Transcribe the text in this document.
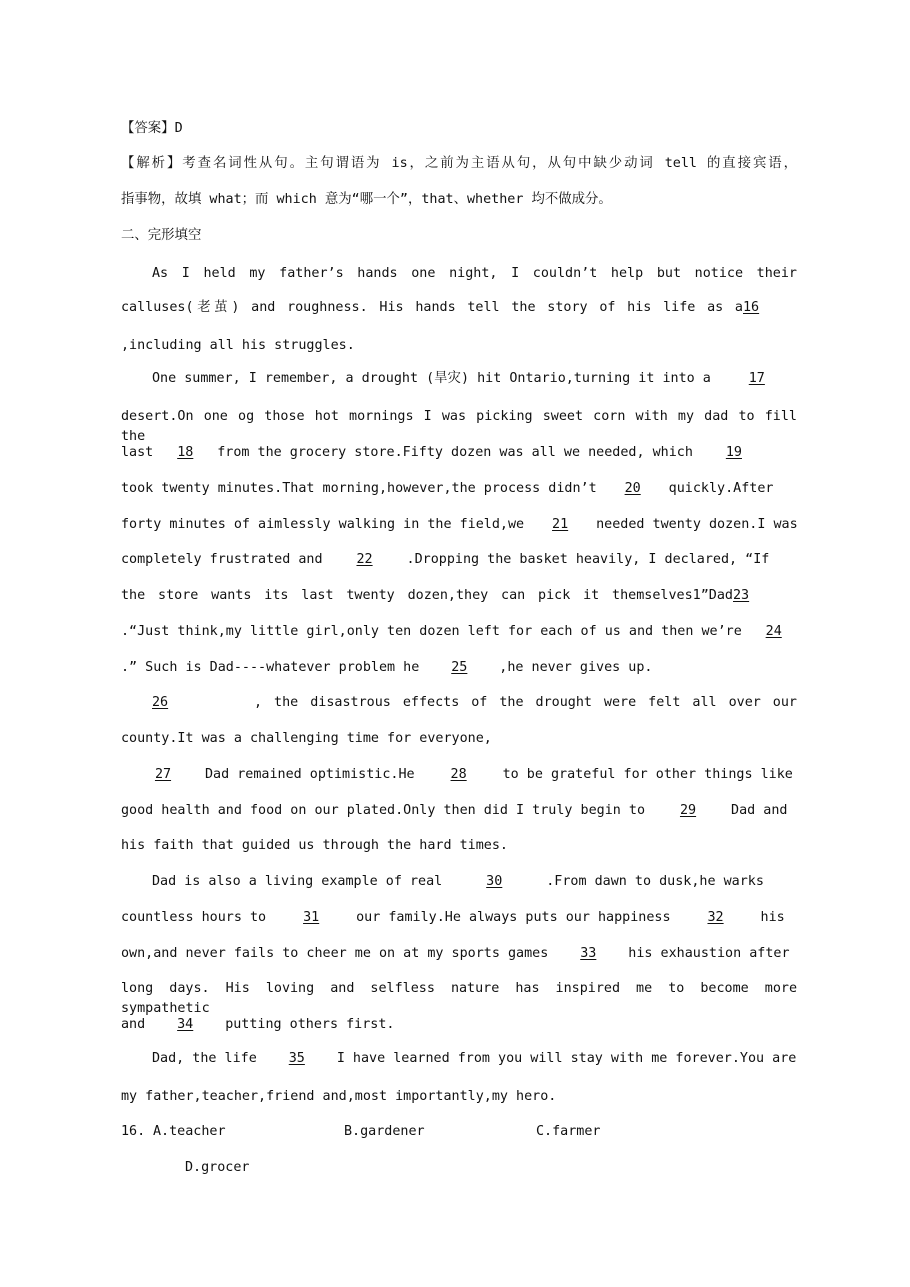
【答案】D
【解析】考查名词性从句。主句谓语为 is，之前为主语从句，从句中缺少动词 tell 的直接宾语，
指事物，故填 what；而 which 意为“哪一个”，that、whether 均不做成分。
二、完形填空
As I held my father’s hands one night, I couldn’t help but notice their
calluses(老茧) and roughness. His hands tell the story of his life as a16
,including all his struggles.
One summer, I remember, a drought (旱灾) hit Ontario,turning it into a	17
desert.On one og those hot mornings I was picking sweet corn with my dad to fill the
last 18 from the grocery store.Fifty dozen was all we needed, which 19
took twenty minutes.That morning,however,the process didn’t 20 quickly.After
forty minutes of aimlessly walking in the field,we 21 needed twenty dozen.I was
completely frustrated and	22	.Dropping the basket heavily, I declared, “If
the store wants its last twenty dozen,they can pick it themselves1”Dad23
.“Just think,my little girl,only ten dozen left for each of us and then we’re 24
.” Such is Dad----whatever problem he 25 ,he never gives up.
26	, the disastrous effects of the drought were felt all over our
county.It was a challenging time for everyone,
27	Dad remained optimistic.He	28	to be grateful for other things like
good health and food on our plated.Only then did I truly begin to	29	Dad and
his faith that guided us through the hard times.
Dad is also a living example of real	30	.From dawn to dusk,he warks
countless hours to	31	our family.He always puts our happiness	32	his
own,and never fails to cheer me on at my sports games 33 his exhaustion after
long days. His loving and selfless nature has inspired me to become more sympathetic
and 34 putting others first.
Dad, the life 35 I have learned from you will stay with me forever.You are
my father,teacher,friend and,most importantly,my hero.
16. A.teacher	B.gardener	C.farmer
D.grocer
